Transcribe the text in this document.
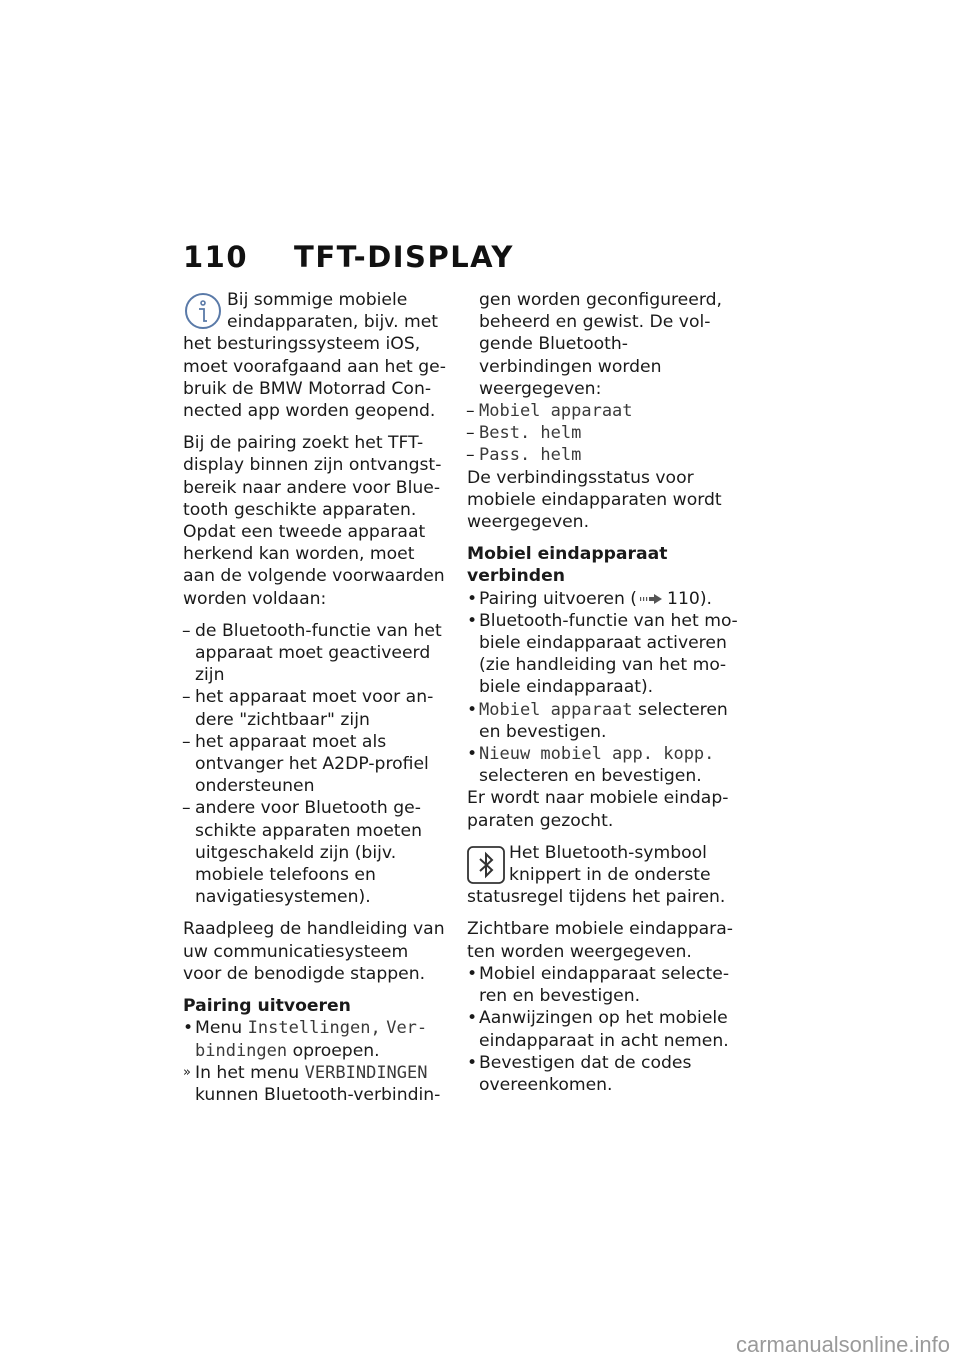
110 TFT-DISPLAY

Bij sommige mobiele eindapparaten, bijv. met het besturingssysteem iOS, moet voorafgaand aan het gebruik de BMW Motorrad Connected app worden geopend.

Bij de pairing zoekt het TFT-display binnen zijn ontvangstbereik naar andere voor Bluetooth geschikte apparaten. Opdat een tweede apparaat herkend kan worden, moet aan de volgende voorwaarden worden voldaan:

– de Bluetooth-functie van het apparaat moet geactiveerd zijn

– het apparaat moet voor andere "zichtbaar" zijn

– het apparaat moet als ontvanger het A2DP-profiel ondersteunen

– andere voor Bluetooth geschikte apparaten moeten uitgeschakeld zijn (bijv. mobiele telefoons en navigatiesystemen).

Raadpleeg de handleiding van uw communicatiesysteem voor de benodigde stappen.

Pairing uitvoeren

• Menu Instellingen, Verbindingen oproepen.

» In het menu VERBINDINGEN kunnen Bluetooth-verbindin-

gen worden geconfigureerd, beheerd en gewist. De volgende Bluetooth-verbindingen worden weergegeven:

– Mobiel apparaat

– Best. helm

– Pass. helm

De verbindingsstatus voor mobiele eindapparaten wordt weergegeven.

Mobiel eindapparaat verbinden

• Pairing uitvoeren ( 110).

• Bluetooth-functie van het mobiele eindapparaat activeren (zie handleiding van het mobiele eindapparaat).

• Mobiel apparaat selecteren en bevestigen.

• Nieuw mobiel app. kopp. selecteren en bevestigen.

Er wordt naar mobiele eindapparaten gezocht.

Het Bluetooth-symbool knippert in de onderste statusregel tijdens het pairen.

Zichtbare mobiele eindapparaten worden weergegeven.

• Mobiel eindapparaat selecteren en bevestigen.

• Aanwijzingen op het mobiele eindapparaat in acht nemen.

• Bevestigen dat de codes overeenkomen.

carmanualsonline.info
